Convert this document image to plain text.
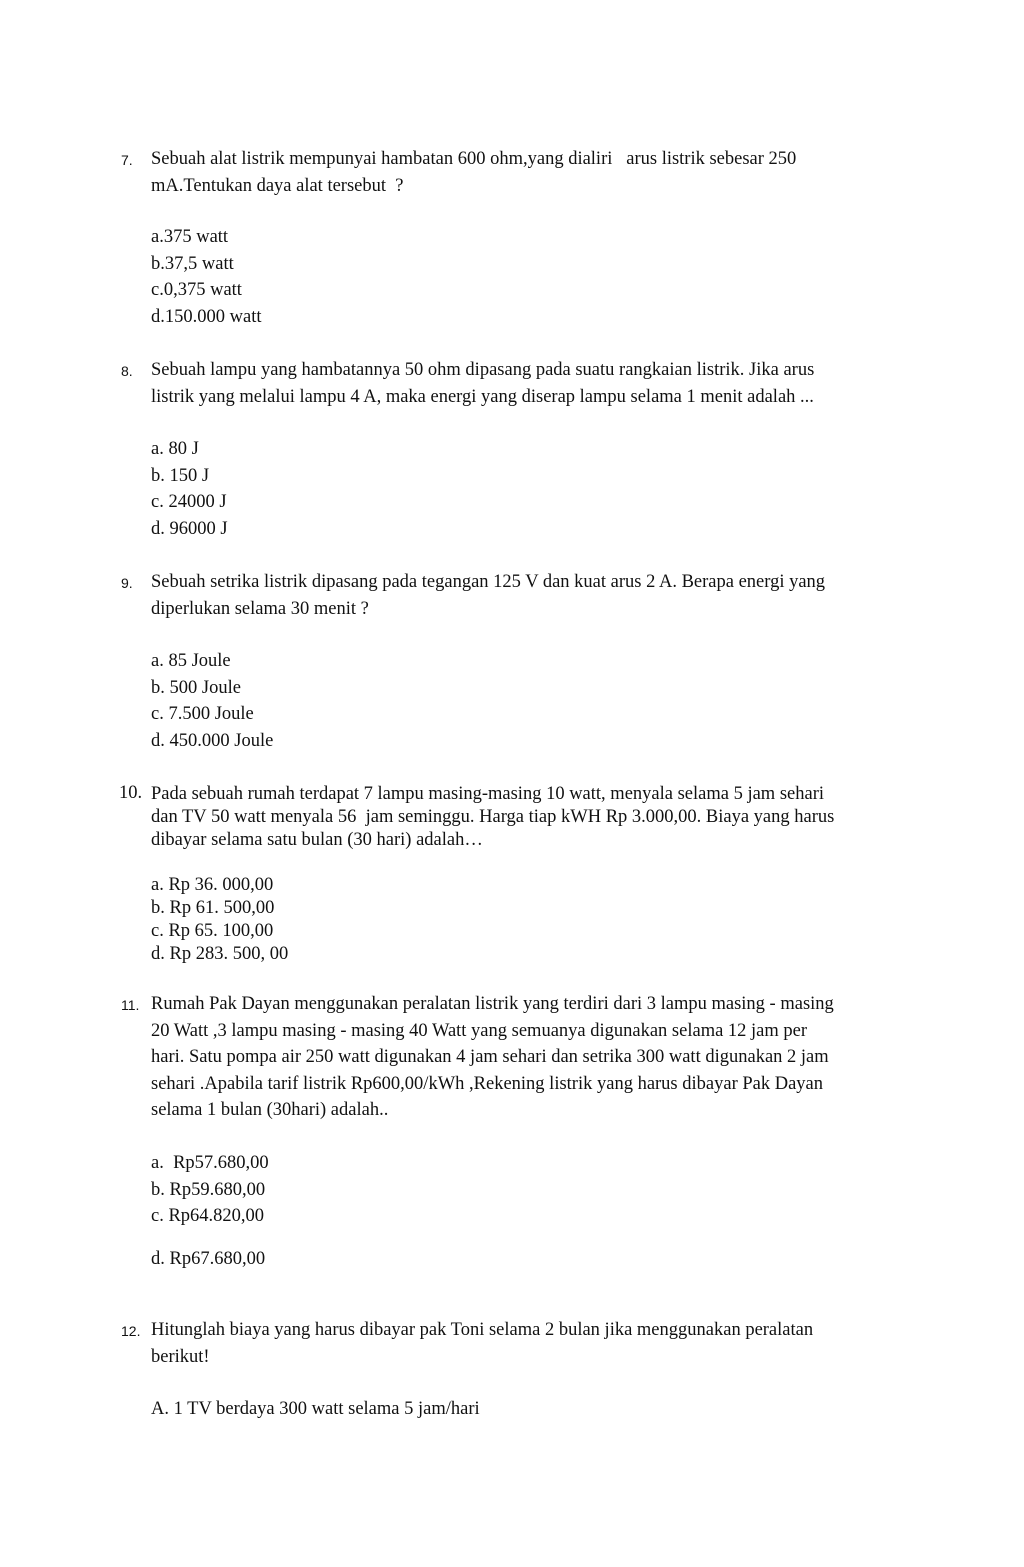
7. Sebuah alat listrik mempunyai hambatan 600 ohm,yang dialiri   arus listrik sebesar 250
mA.Tentukan daya alat tersebut  ?
a.375 watt
b.37,5 watt
c.0,375 watt
d.150.000 watt
8. Sebuah lampu yang hambatannya 50 ohm dipasang pada suatu rangkaian listrik. Jika arus
listrik yang melalui lampu 4 A, maka energi yang diserap lampu selama 1 menit adalah ...
a. 80 J
b. 150 J
c. 24000 J
d. 96000 J
9. Sebuah setrika listrik dipasang pada tegangan 125 V dan kuat arus 2 A. Berapa energi yang
diperlukan selama 30 menit ?
a. 85 Joule
b. 500 Joule
c. 7.500 Joule
d. 450.000 Joule
10. Pada sebuah rumah terdapat 7 lampu masing-masing 10 watt, menyala selama 5 jam sehari
dan TV 50 watt menyala 56  jam seminggu. Harga tiap kWH Rp 3.000,00. Biaya yang harus
dibayar selama satu bulan (30 hari) adalah…
a. Rp 36. 000,00
b. Rp 61. 500,00
c. Rp 65. 100,00
d. Rp 283. 500, 00
11. Rumah Pak Dayan menggunakan peralatan listrik yang terdiri dari 3 lampu masing - masing
20 Watt ,3 lampu masing - masing 40 Watt yang semuanya digunakan selama 12 jam per
hari. Satu pompa air 250 watt digunakan 4 jam sehari dan setrika 300 watt digunakan 2 jam
sehari .Apabila tarif listrik Rp600,00/kWh ,Rekening listrik yang harus dibayar Pak Dayan
selama 1 bulan (30hari) adalah..
a.  Rp57.680,00
b. Rp59.680,00
c. Rp64.820,00
d. Rp67.680,00
12. Hitunglah biaya yang harus dibayar pak Toni selama 2 bulan jika menggunakan peralatan
berikut!
A. 1 TV berdaya 300 watt selama 5 jam/hari
